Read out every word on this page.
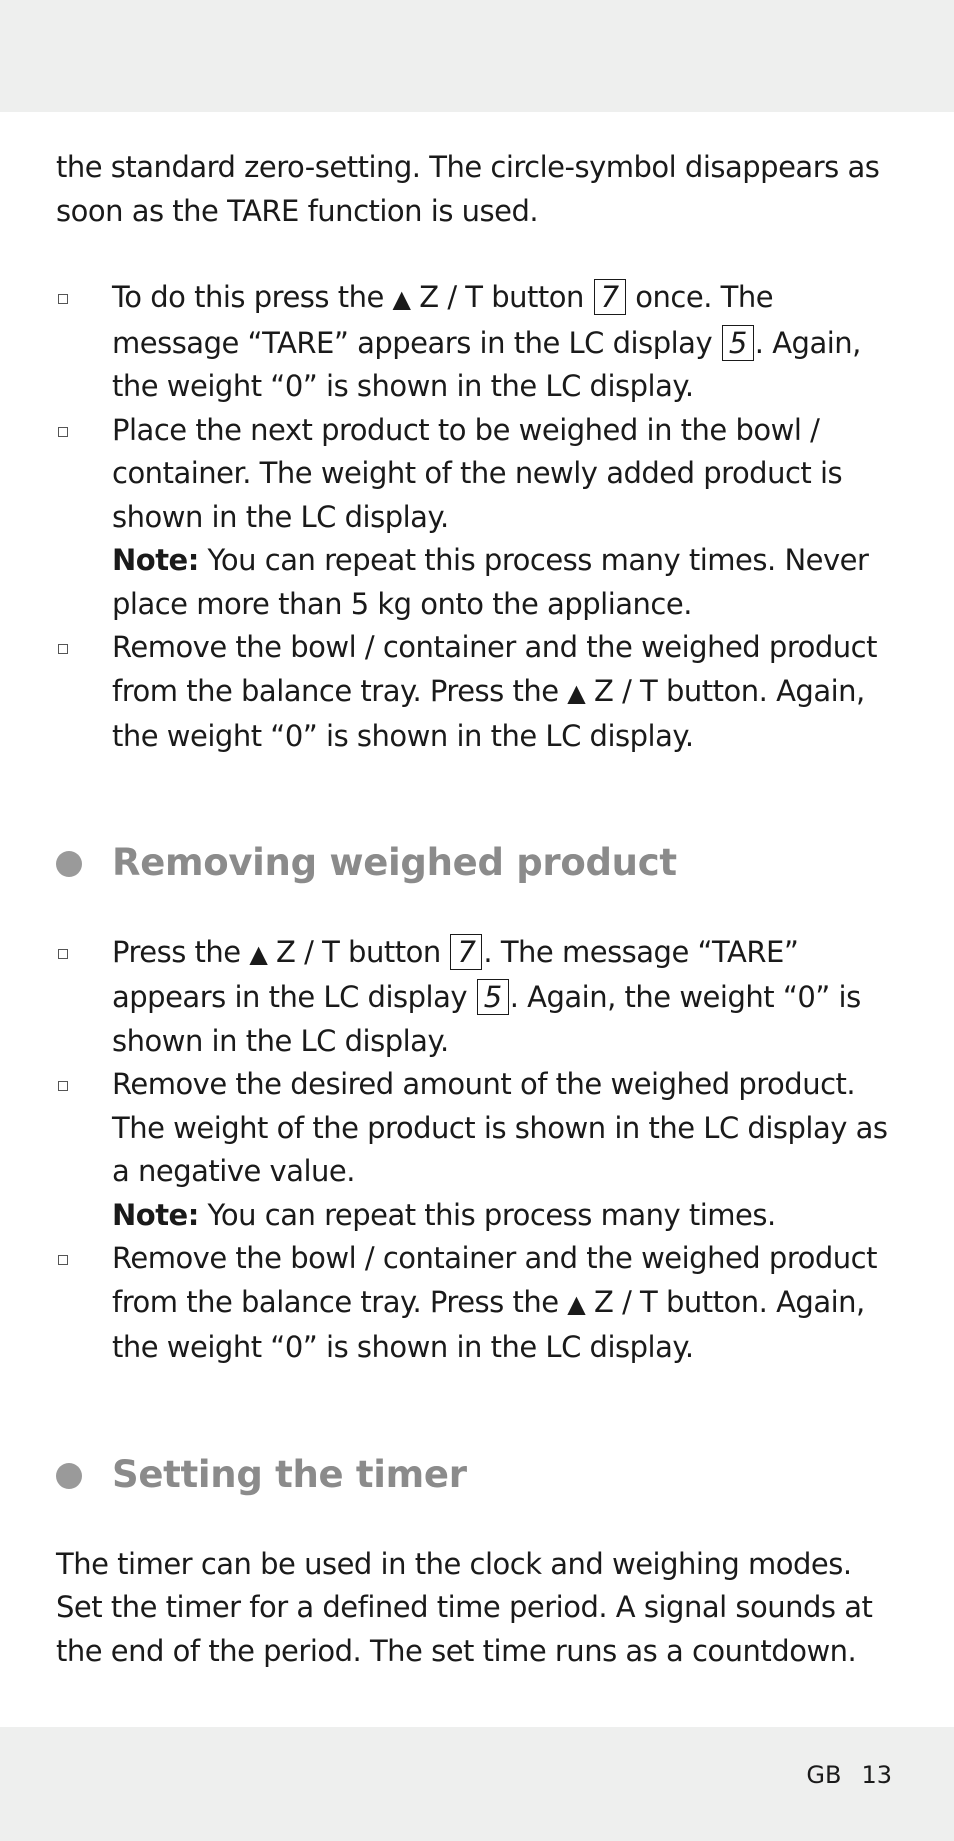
the standard zero-setting. The circle-symbol disappears as soon as the TARE function is used.

To do this press the ▲ Z / T button 7 once. The message “TARE” appears in the LC display 5 . Again, the weight “0” is shown in the LC display.
Place the next product to be weighed in the bowl / container. The weight of the newly added product is shown in the LC display.
Note: You can repeat this process many times. Never place more than 5 kg onto the appliance.
Remove the bowl / container and the weighed product from the balance tray. Press the ▲ Z / T button. Again, the weight “0” is shown in the LC display.
Removing weighed product
Press the ▲ Z / T button 7 . The message “TARE” appears in the LC display 5 . Again, the weight “0” is shown in the LC display.
Remove the desired amount of the weighed product. The weight of the product is shown in the LC display as a negative value.
Note: You can repeat this process many times.
Remove the bowl / container and the weighed product from the balance tray. Press the ▲ Z / T button. Again, the weight “0” is shown in the LC display.
Setting the timer

The timer can be used in the clock and weighing modes. Set the timer for a defined time period. A signal sounds at the end of the period. The set time runs as a countdown.

GB 13
